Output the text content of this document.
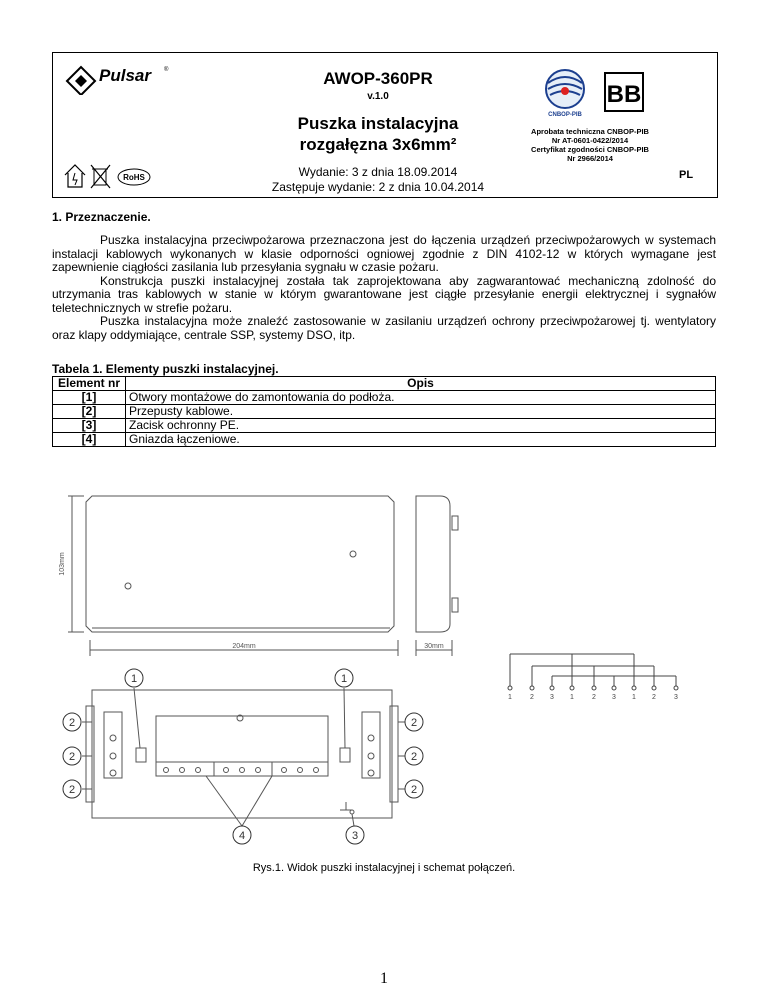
Pulsar ®	AWOP-360PR
v.1.0
Puszka instalacyjna
rozgałęzna 3x6mm²
Wydanie: 3 z dnia 18.09.2014
Zastępuje wydanie: 2 z dnia 10.04.2014
CNBOP-PIB
BB
Aprobata techniczna CNBOP-PIB
Nr AT-0601-0422/2014
Certyfikat zgodności CNBOP-PIB
Nr 2966/2014
RoHS	PL
1. Przeznaczenie.
Puszka instalacyjna przeciwpożarowa przeznaczona jest do łączenia urządzeń przeciwpożarowych w systemach instalacji kablowych wykonanych w klasie odporności ogniowej zgodnie z DIN 4102-12 w których wymagane jest zapewnienie ciągłości zasilania lub przesyłania sygnału w czasie pożaru.
Konstrukcja puszki instalacyjnej została tak zaprojektowana aby zagwarantować mechaniczną zdolność do utrzymania tras kablowych w stanie w którym gwarantowane jest ciągłe przesyłanie energii elektrycznej i sygnałów teletechnicznych w strefie pożaru.
Puszka instalacyjna może znaleźć zastosowanie w zasilaniu urządzeń ochrony przeciwpożarowej tj. wentylatory oraz klapy oddymiające, centrale SSP, systemy DSO, itp.
Tabela 1. Elementy puszki instalacyjnej.
Element nr	Opis
[1]	Otwory montażowe do zamontowania do podłoża.
[2]	Przepusty kablowe.
[3]	Zacisk ochronny PE.
[4]	Gniazda łączeniowe.
103mm
204mm	30mm
1	2 3 1	2 3 1 2	3
1	1
2
2
2
2
2
2
4	3
Rys.1. Widok puszki instalacyjnej i schemat połączeń.
1
